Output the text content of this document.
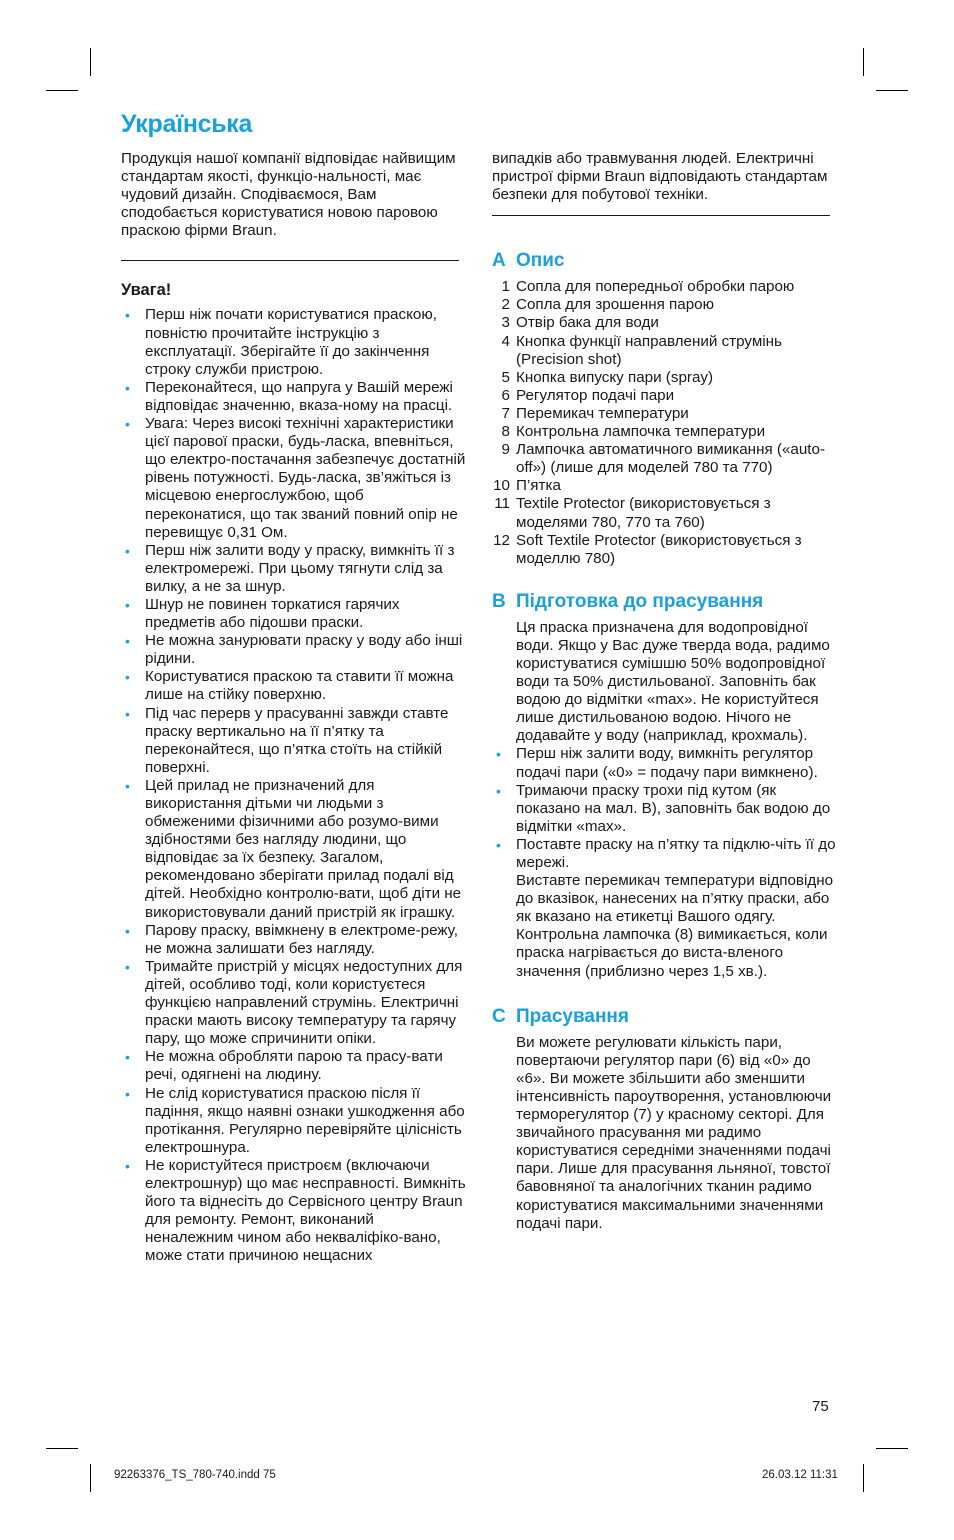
Українська

Продукція нашої компанії відповідає найвищим стандартам якості, функціо-нальності, має чудовий дизайн. Сподіваємося, Вам сподобається користуватися новою паровою праскою фірми Braun.

Увага!
• Перш ніж почати користуватися праскою, повністю прочитайте інструкцію з експлуатації. Зберігайте її до закінчення строку служби пристрою.
• Переконайтеся, що напруга у Вашій мережі відповідає значенню, вказа-ному на прасці.
• Увага: Через високі технічні характеристики цієї парової праски, будь-ласка, впевніться, що електро-постачання забезпечує достатній рівень потужності. Будь-ласка, зв’яжіться із місцевою енергослужбою, щоб переконатися, що так званий повний опір не перевищує 0,31 Ом.
• Перш ніж залити воду у праску, вимкніть її з електромережі. При цьому тягнути слід за вилку, а не за шнур.
• Шнур не повинен торкатися гарячих предметів або підошви праски.
• Не можна занурювати праску у воду або інші рідини.
• Користуватися праскою та ставити її можна лише на стійку поверхню.
• Під час перерв у прасуванні завжди ставте праску вертикально на її п’ятку та переконайтеся, що п’ятка стоїть на стійкій поверхні.
• Цей прилад не призначений для використання дітьми чи людьми з обмеженими фізичними або розумо-вими здібностями без нагляду людини, що відповідає за їх безпеку. Загалом, рекомендовано зберігати прилад подалі від дітей. Необхідно контролю-вати, щоб діти не використовували даний пристрій як іграшку.
• Парову праску, ввімкнену в електроме-режу, не можна залишати без нагляду.
• Тримайте пристрій у місцях недоступних для дітей, особливо тоді, коли користуєтеся функцією направлений струмінь. Електричні праски мають високу температуру та гарячу пару, що може спричинити опіки.
• Не можна обробляти парою та прасу-вати речі, одягнені на людину.
• Не слід користуватися праскою після її падіння, якщо наявні ознаки ушкодження або протікання. Регулярно перевіряйте цілісність електрошнура.
• Не користуйтеся пристроєм (включаючи електрошнур) що має несправності. Вимкніть його та віднесіть до Сервісного центру Braun для ремонту. Ремонт, виконаний неналежним чином або некваліфіко-вано, може стати причиною нещасних

випадків або травмування людей. Електричні пристрої фірми Braun відповідають стандартам безпеки для побутової техніки.

A Опис
1 Сопла для попередньої обробки парою
2 Сопла для зрошення парою
3 Отвір бака для води
4 Кнопка функції направлений струмінь (Precision shot)
5 Кнопка випуску пари (spray)
6 Регулятор подачі пари
7 Перемикач температури
8 Контрольна лампочка температури
9 Лампочка автоматичного вимикання («auto-off») (лише для моделей 780 та 770)
10 П’ятка
11 Textile Protector (використовується з моделями 780, 770 та 760)
12 Soft Textile Protector (використовується з моделлю 780)
B Підготовка до прасування

Ця праска призначена для водопровідної води. Якщо у Вас дуже тверда вода, радимо користуватися сумішшю 50% водопровідної води та 50% дистильованої. Заповніть бак водою до відмітки «max». Не користуйтеся лише дистильованою водою. Нічого не додавайте у воду (наприклад, крохмаль).

• Перш ніж залити воду, вимкніть регулятор подачі пари («0» = подачу пари вимкнено).
• Тримаючи праску трохи під кутом (як показано на мал. B), заповніть бак водою до відмітки «max».
• Поставте праску на п’ятку та підклю-чіть її до мережі.

Виставте перемикач температури відповідно до вказівок, нанесених на п’ятку праски, або як вказано на етикетці Вашого одягу.

Контрольна лампочка (8) вимикається, коли праска нагрівається до виста-вленого значення (приблизно через 1,5 хв.).

C Прасування

Ви можете регулювати кількість пари, повертаючи регулятор пари (6) від «0» до «6». Ви можете збільшити або зменшити інтенсивність пароутворення, установлюючи терморегулятор (7) у красному секторі. Для звичайного прасування ми радимо користуватися середніми значеннями подачі пари. Лише для прасування льняної, товстої бавовняної та аналогічних тканин радимо користуватися максимальними значеннями подачі пари.

75
92263376_TS_780-740.indd 75	26.03.12 11:31
